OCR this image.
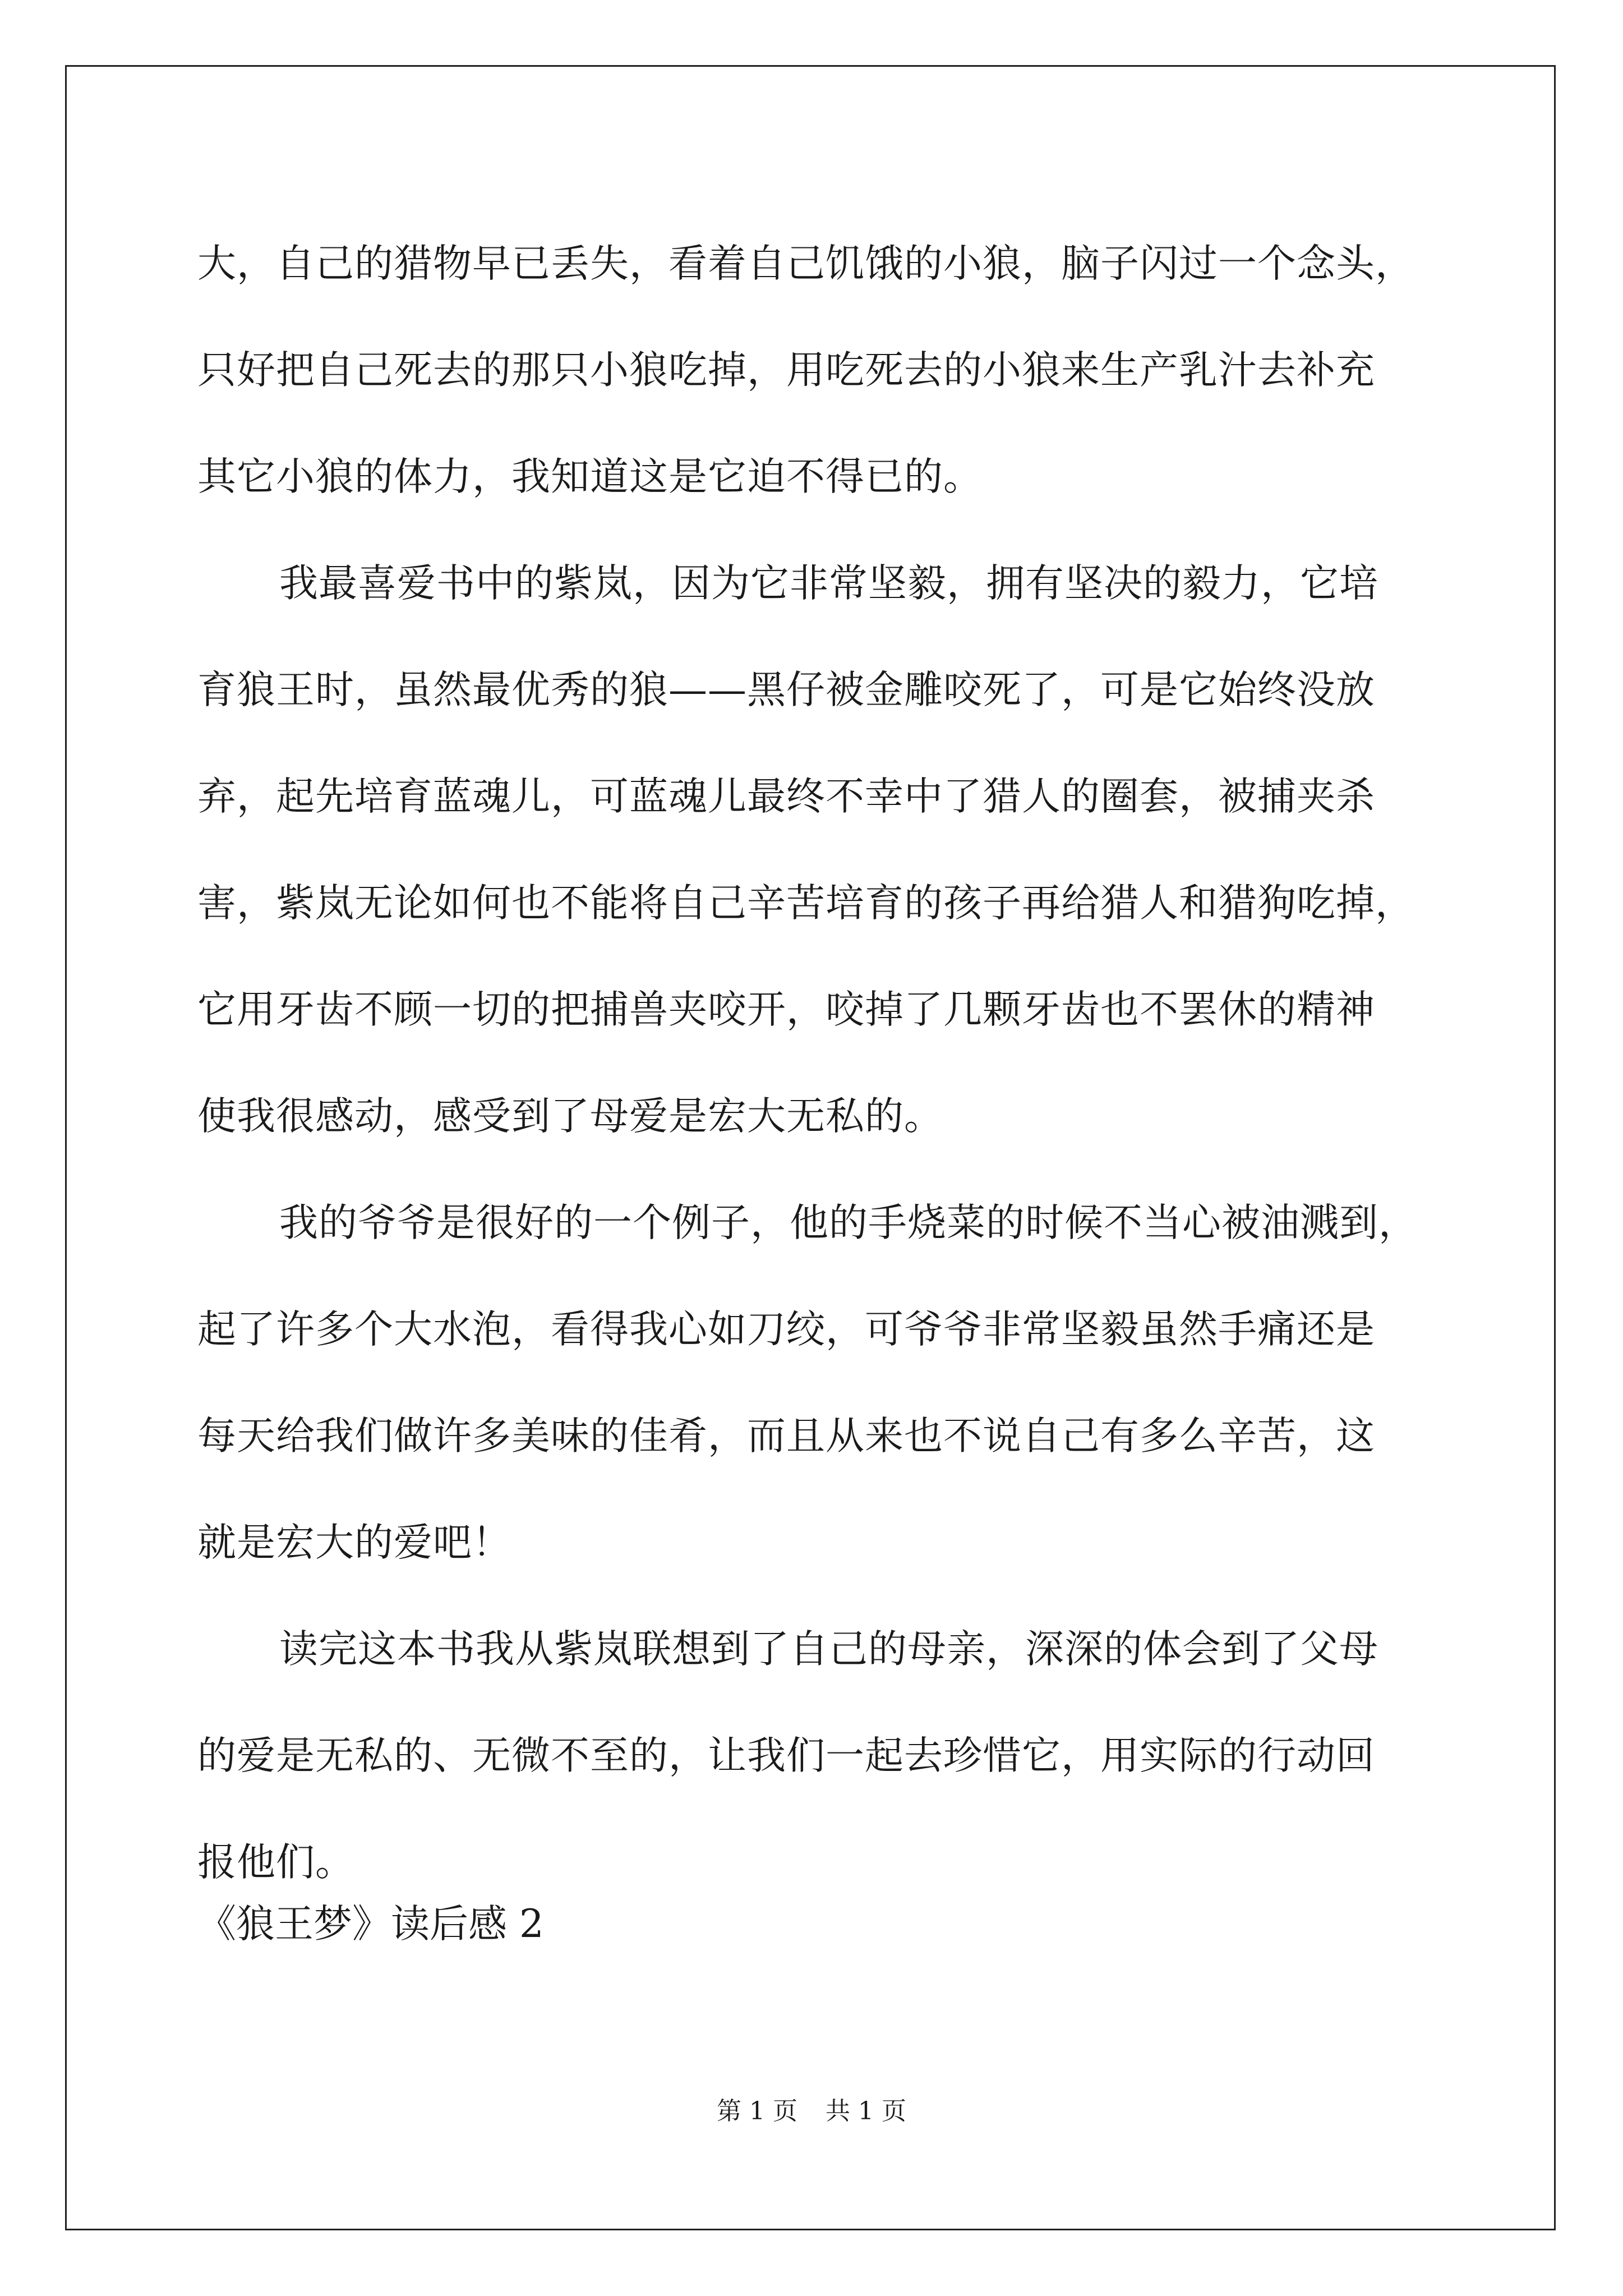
大，自己的猎物早已丢失，看着自己饥饿的小狼，脑子闪过一个念头，
只好把自己死去的那只小狼吃掉，用吃死去的小狼来生产乳汁去补充
其它小狼的体力，我知道这是它迫不得已的。
我最喜爱书中的紫岚，因为它非常坚毅，拥有坚决的毅力，它培
育狼王时，虽然最优秀的狼——黑仔被金雕咬死了，可是它始终没放
弃，起先培育蓝魂儿，可蓝魂儿最终不幸中了猎人的圈套，被捕夹杀
害，紫岚无论如何也不能将自己辛苦培育的孩子再给猎人和猎狗吃掉，
它用牙齿不顾一切的把捕兽夹咬开，咬掉了几颗牙齿也不罢休的精神
使我很感动，感受到了母爱是宏大无私的。
我的爷爷是很好的一个例子，他的手烧菜的时候不当心被油溅到，
起了许多个大水泡，看得我心如刀绞，可爷爷非常坚毅虽然手痛还是
每天给我们做许多美味的佳肴，而且从来也不说自己有多么辛苦，这
就是宏大的爱吧！
读完这本书我从紫岚联想到了自己的母亲，深深的体会到了父母
的爱是无私的、无微不至的，让我们一起去珍惜它，用实际的行动回
报他们。
《狼王梦》读后感 2
第 1 页 共 1 页
